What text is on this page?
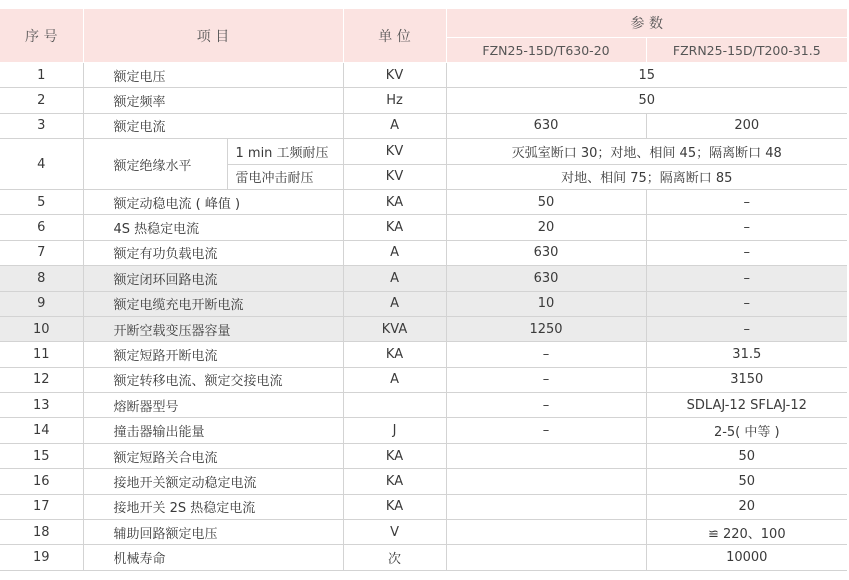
序 号	项 目		单 位	参 数	
				FZN25-15D/T630-20	FZRN25-15D/T200-31.5
1	额定电压		KV	15	
2	额定频率		Hz	50	
3	额定电流		A	630	200
4	额定绝缘水平	1 min 工频耐压	KV	灭弧室断口 30；对地、相间 45；隔离断口 48	
		雷电冲击耐压	KV	对地、相间 75；隔离断口 85	
5	额定动稳电流 ( 峰值 )		KA	50	–
6	4S 热稳定电流		KA	20	–
7	额定有功负载电流		A	630	–
8	额定闭环回路电流		A	630	–
9	额定电缆充电开断电流		A	10	–
10	开断空载变压器容量		KVA	1250	–
11	额定短路开断电流		KA	–	31.5
12	额定转移电流、额定交接电流		A	–	3150
13	熔断器型号			–	SDLAJ-12 SFLAJ-12
14	撞击器输出能量		J	–	2-5( 中等 )
15	额定短路关合电流		KA		50
16	接地开关额定动稳定电流		KA		50
17	接地开关 2S 热稳定电流		KA		20
18	辅助回路额定电压		V		≌ 220、100
19	机械寿命		次		10000
